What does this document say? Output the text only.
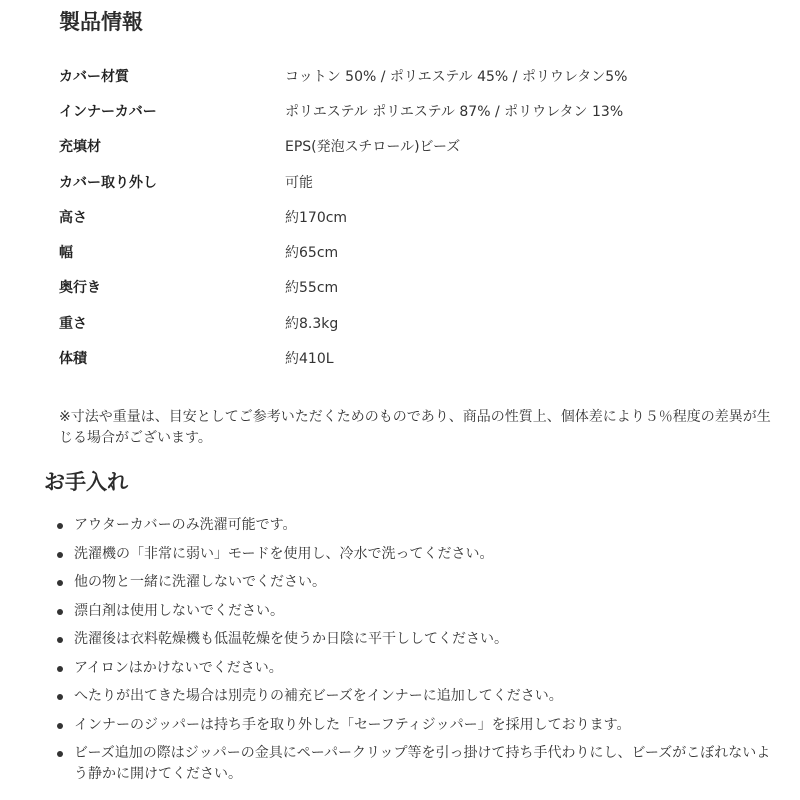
製品情報
カバー材質	コットン 50% / ポリエステル 45% / ポリウレタン5%
インナーカバー	ポリエステル ポリエステル 87% / ポリウレタン 13%
充填材	EPS(発泡スチロール)ビーズ
カバー取り外し	可能
高さ	約170cm
幅	約65cm
奥行き	約55cm
重さ	約8.3kg
体積	約410L

※寸法や重量は、目安としてご参考いただくためのものであり、商品の性質上、個体差により５％程度の差異が生じる場合がございます。

お手入れ
アウターカバーのみ洗濯可能です。
洗濯機の「非常に弱い」モードを使用し、冷水で洗ってください。
他の物と一緒に洗濯しないでください。
漂白剤は使用しないでください。
洗濯後は衣料乾燥機も低温乾燥を使うか日陰に平干ししてください。
アイロンはかけないでください。
へたりが出てきた場合は別売りの補充ビーズをインナーに追加してください。
インナーのジッパーは持ち手を取り外した「セーフティジッパー」を採用しております。
ビーズ追加の際はジッパーの金具にペーパークリップ等を引っ掛けて持ち手代わりにし、ビーズがこぼれないよう静かに開けてください。
